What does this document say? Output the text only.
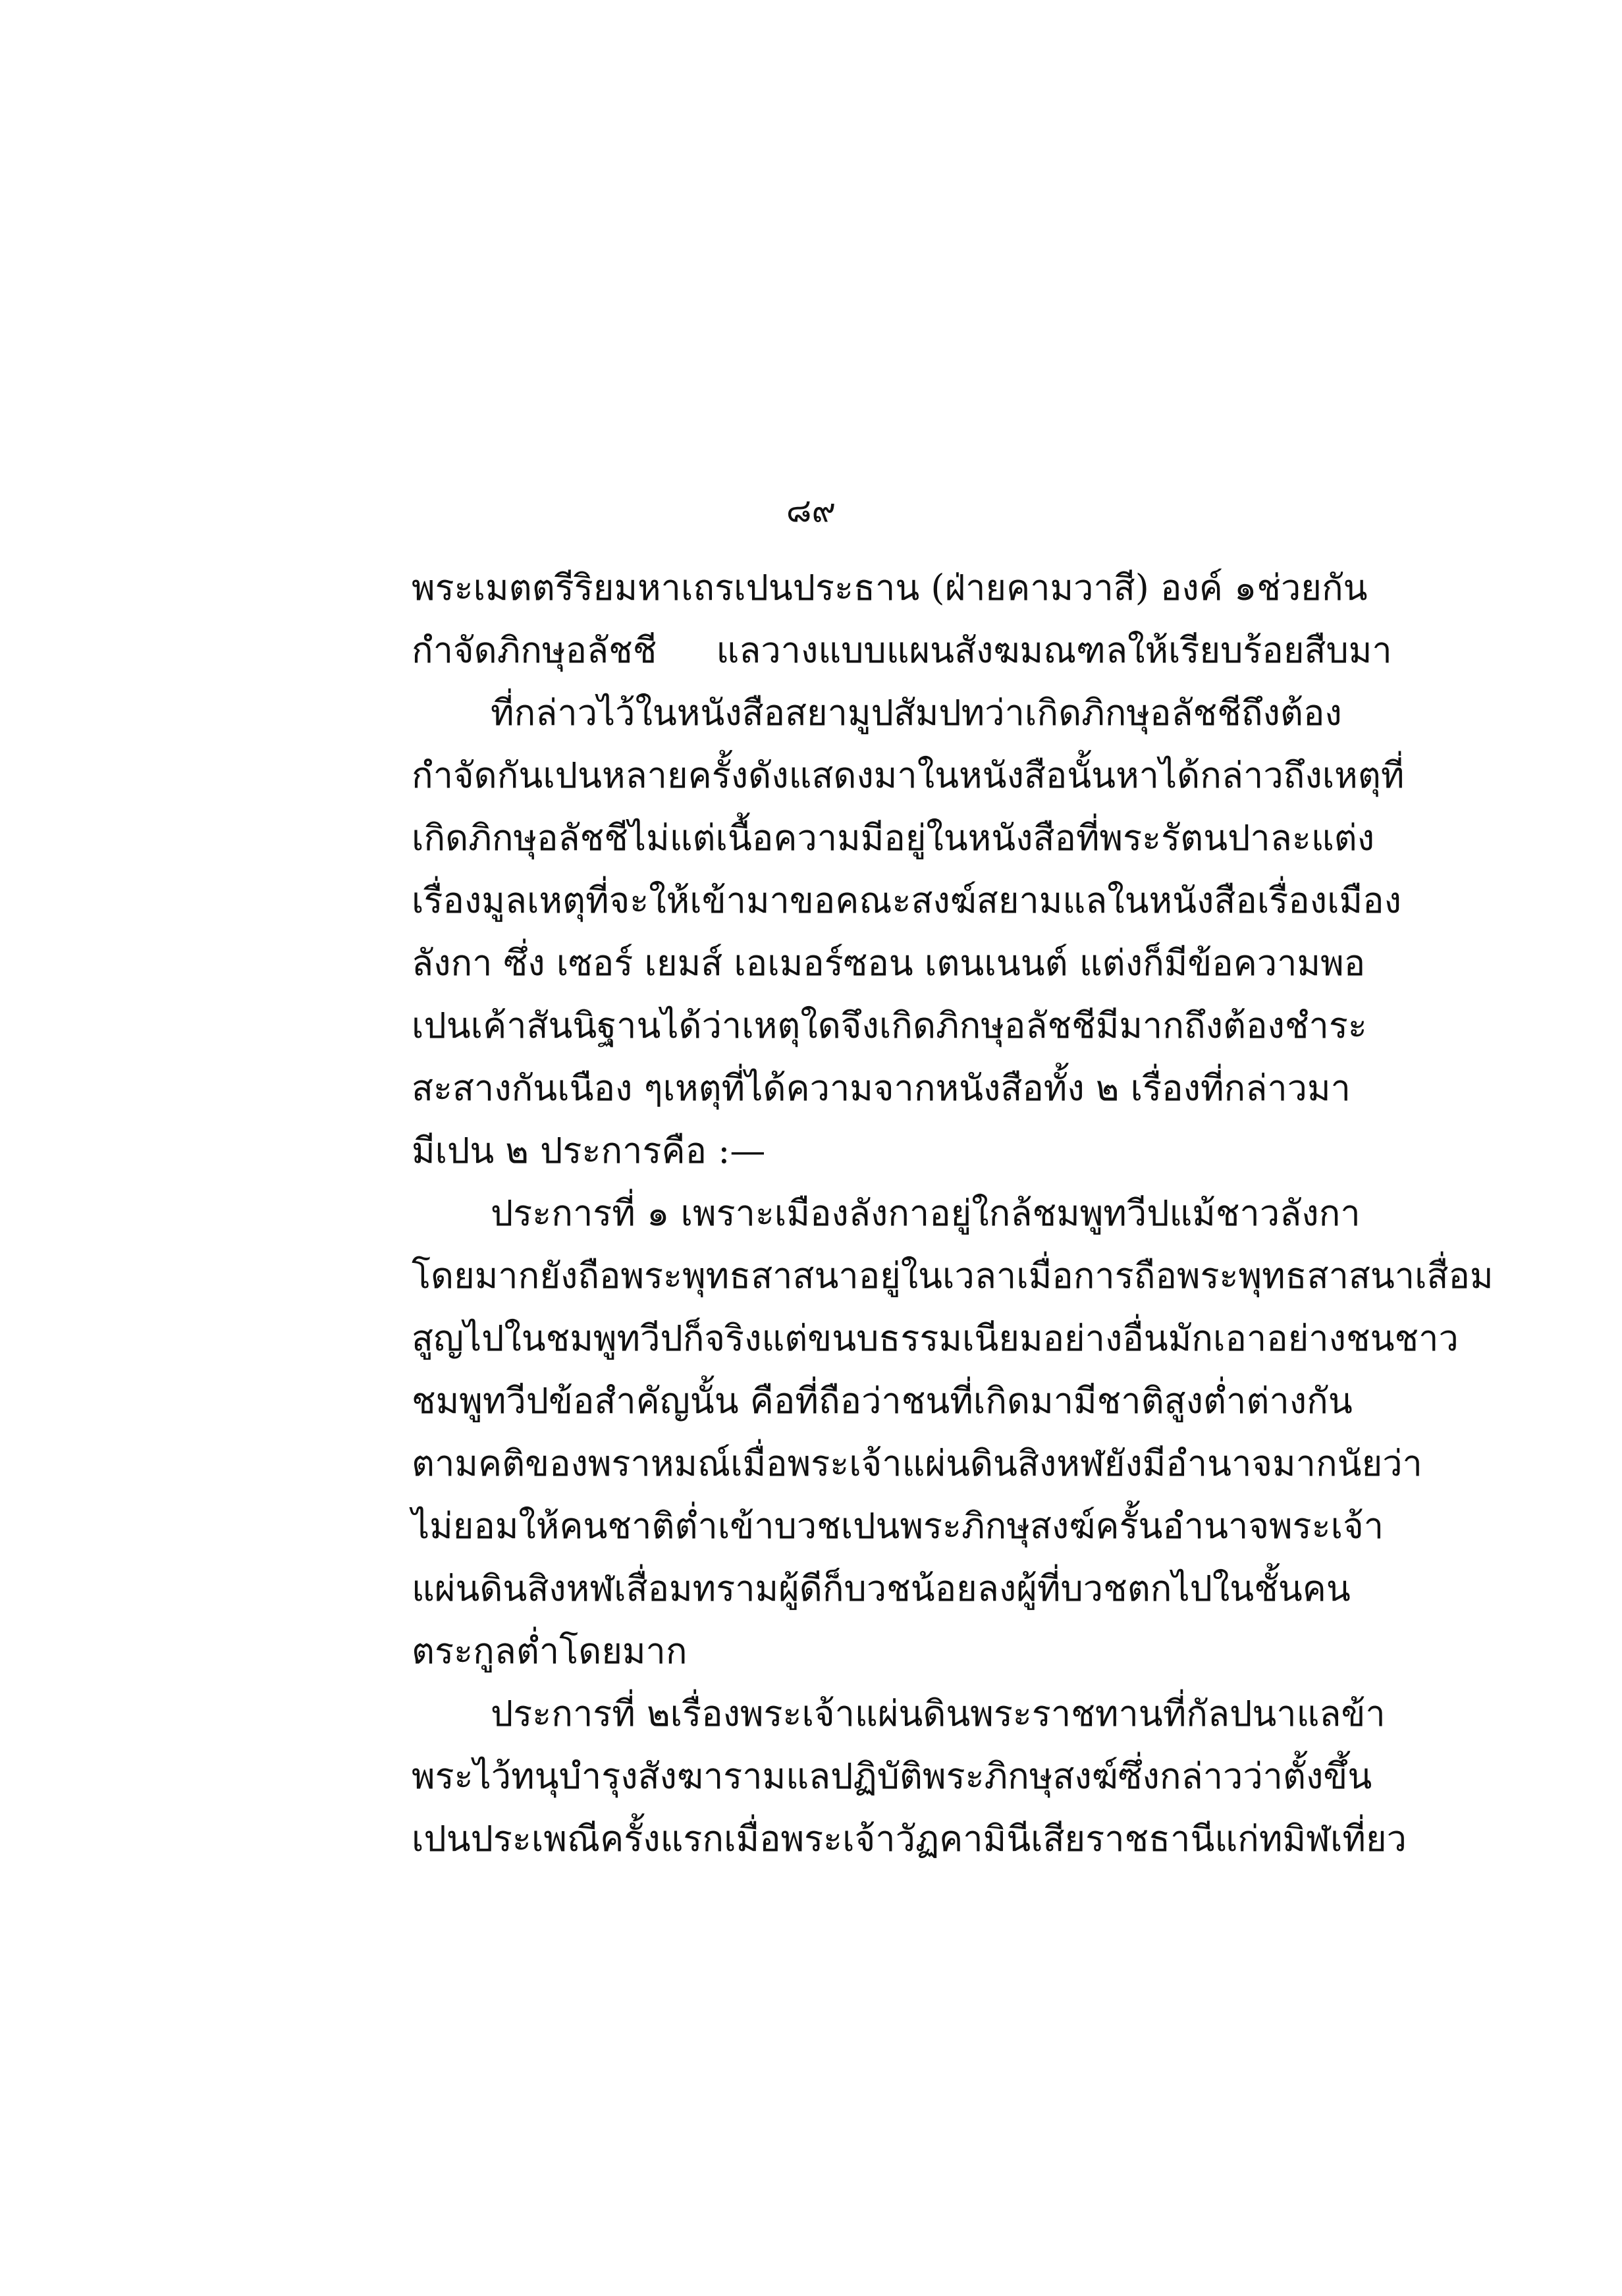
๘๙
พระเมตตรีริยมหาเถรเปนประธาน (ฝ่ายคามวาสี) องค์ ๑ ช่วยกัน
กำจัดภิกษุอลัชชี แลวางแบบแผนสังฆมณฑลให้เรียบร้อยสืบมา
ที่กล่าวไว้ในหนังสือสยามูปสัมปทว่าเกิดภิกษุอลัชชี ถึงต้อง
กำจัดกันเปนหลายครั้ง ดังแสดงมา ในหนังสือนั้นหาได้กล่าวถึงเหตุที่
เกิดภิกษุอลัชชีไม่ แต่เนื้อความมีอยู่ในหนังสือที่พระรัตนปาละแต่ง
เรื่องมูลเหตุที่จะให้เข้ามาขอคณะสงฆ์สยาม แลในหนังสือเรื่องเมือง
ลังกา ซึ่ง เซอร์ เยมส์ เอเมอร์ซอน เตนเนนต์ แต่ง ก็มีข้อความพอ
เปนเค้าสันนิฐานได้ว่า เหตุใดจึงเกิดภิกษุอลัชชีมีมาก ถึงต้องชำระ
สะสางกันเนือง ๆ เหตุที่ได้ความจากหนังสือทั้ง ๒ เรื่องที่กล่าวมา
มีเปน ๒ ประการคือ :—
ประการที่ ๑ เพราะเมืองลังกาอยู่ใกล้ชมพูทวีป แม้ชาวลังกา
โดยมากยังถือพระพุทธสาสนาอยู่ในเวลาเมื่อการถือพระพุทธสาสนาเสื่อม
สูญไปในชมพูทวีปก็จริง แต่ขนบธรรมเนียมอย่างอื่นมักเอาอย่างชนชาว
ชมพูทวีป ข้อสำคัญนั้น คือ ที่ถือว่าชนที่เกิดมามีชาติสูงต่ำต่างกัน
ตามคติของพราหมณ์ เมื่อพระเจ้าแผ่นดินสิงหฬยังมีอำนาจมาก นัยว่า
ไม่ยอมให้คนชาติต่ำเข้าบวชเปนพระภิกษุสงฆ์ ครั้นอำนาจพระเจ้า
แผ่นดินสิงหฬเสื่อมทราม ผู้ดีก็บวชน้อยลง ผู้ที่บวชตกไปในชั้นคน
ตระกูลต่ำโดยมาก
ประการที่ ๒ เรื่องพระเจ้าแผ่นดินพระราชทานที่กัลปนาแลข้า
พระไว้ทนุบำรุงสังฆารามแลปฏิบัติพระภิกษุสงฆ์ ซึ่งกล่าวว่าตั้งขึ้น
เปนประเพณีครั้งแรก เมื่อพระเจ้าวัฏคามินีเสียราชธานีแก่ทมิฬ เที่ยว
